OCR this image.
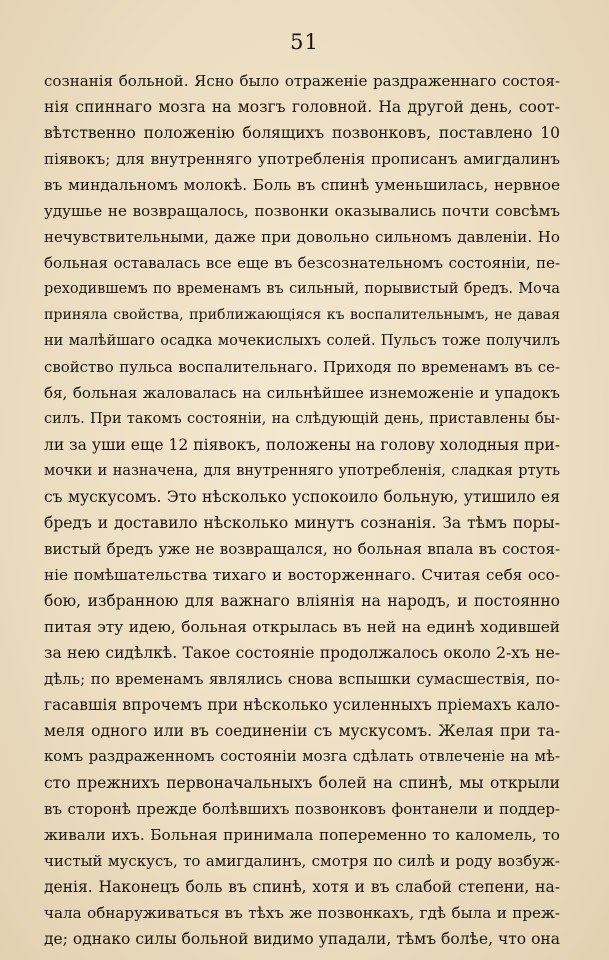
51
сознанія больной. Ясно было отраженіе раздраженнаго состоя-
нія спиннаго мозга на мозгъ головной. На другой день, соот-
вѣтственно положенію болящихъ позвонковъ, поставлено 10
піявокъ; для внутренняго употребленія прописанъ амигдалинъ
въ миндальномъ молокѣ. Боль въ спинѣ уменьшилась, нервное
удушье не возвращалось, позвонки оказывались почти совсѣмъ
нечувствительными, даже при довольно сильномъ давленіи. Но
больная оставалась все еще въ безсознательномъ состояніи, пе-
реходившемъ по временамъ въ сильный, порывистый бредъ. Моча
приняла свойства, приближающіяся къ воспалительнымъ, не давая
ни малѣйшаго осадка мочекислыхъ солей. Пульсъ тоже получилъ
свойство пульса воспалительнаго. Приходя по временамъ въ се-
бя, больная жаловалась на сильнѣйшее изнеможеніе и упадокъ
силъ. При такомъ состояніи, на слѣдующій день, приставлены бы-
ли за уши еще 12 піявокъ, положены на голову холодныя при-
мочки и назначена, для внутренняго употребленія, сладкая ртуть
съ мускусомъ. Это нѣсколько успокоило больную, утишило ея
бредъ и доставило нѣсколько минутъ сознанія. За тѣмъ поры-
вистый бредъ уже не возвращался, но больная впала въ состоя-
ніе помѣшательства тихаго и восторженнаго. Считая себя осо-
бою, избранною для важнаго вліянія на народъ, и постоянно
питая эту идею, больная открылась въ ней на единѣ ходившей
за нею сидѣлкѣ. Такое состояніе продолжалось около 2-хъ не-
дѣль; по временамъ являлись снова вспышки сумасшествія, по-
гасавшія впрочемъ при нѣсколько усиленныхъ пріемахъ кало-
меля одного или въ соединеніи съ мускусомъ. Желая при та-
комъ раздраженномъ состояніи мозга сдѣлать отвлеченіе на мѣ-
сто прежнихъ первоначальныхъ болей на спинѣ, мы открыли
въ сторонѣ прежде болѣвшихъ позвонковъ фонтанели и поддер-
живали ихъ. Больная принимала попеременно то каломель, то
чистый мускусъ, то амигдалинъ, смотря по силѣ и роду возбуж-
денія. Наконецъ боль въ спинѣ, хотя и въ слабой степени, на-
чала обнаруживаться въ тѣхъ же позвонкахъ, гдѣ была и преж-
де; однако силы больной видимо упадали, тѣмъ болѣе, что она
